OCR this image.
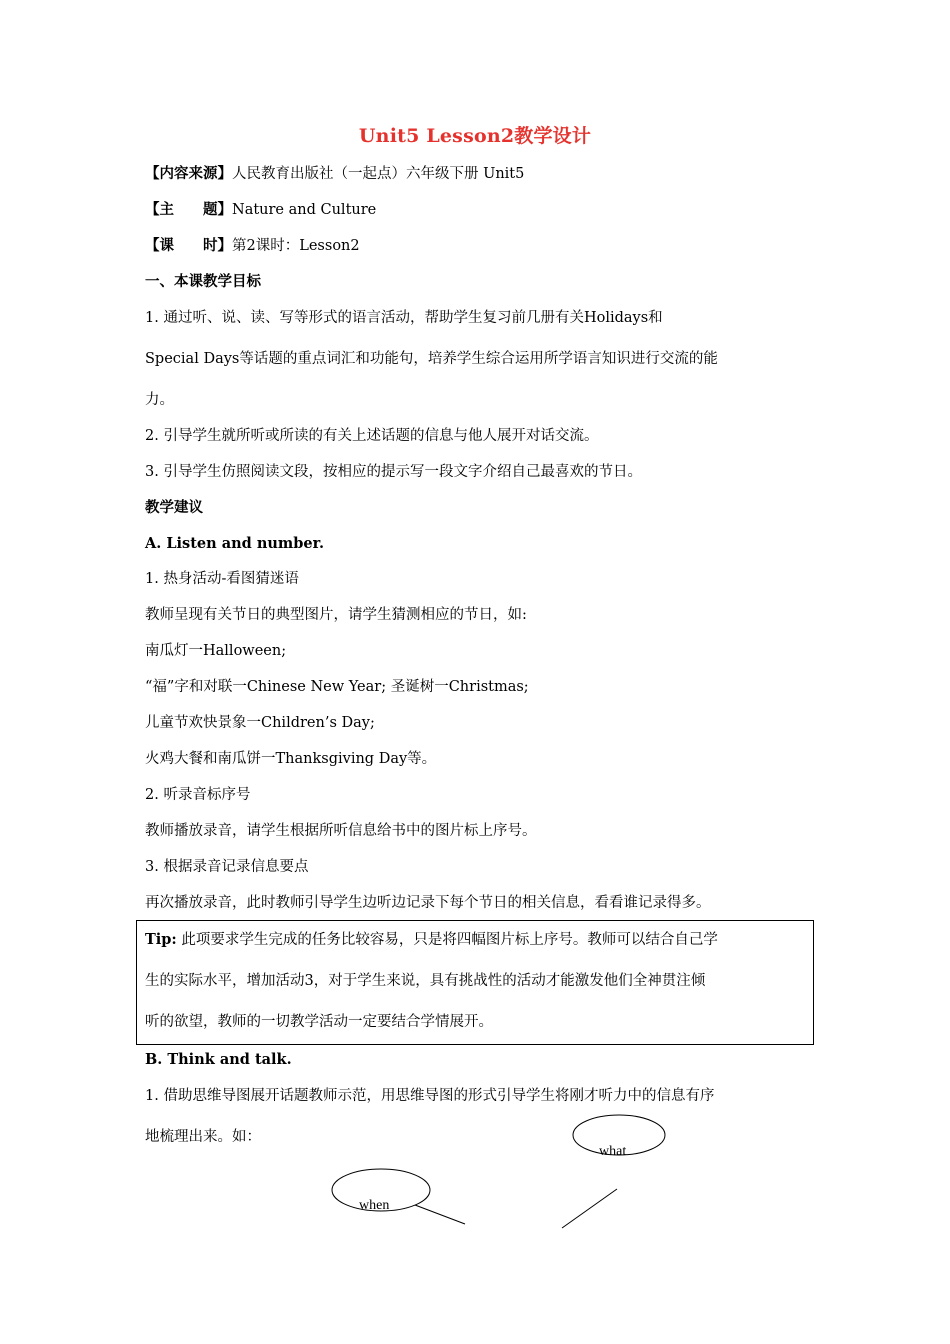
Unit5 Lesson2教学设计
【内容来源】人民教育出版社（一起点）六年级下册 Unit5
【主　　题】Nature and Culture
【课　　时】第2课时：Lesson2
一、本课教学目标
1. 通过听、说、读、写等形式的语言活动，帮助学生复习前几册有关Holidays和
Special Days等话题的重点词汇和功能句，培养学生综合运用所学语言知识进行交流的能
力。
2. 引导学生就所听或所读的有关上述话题的信息与他人展开对话交流。
3. 引导学生仿照阅读文段，按相应的提示写一段文字介绍自己最喜欢的节日。
教学建议
A. Listen and number.
1. 热身活动-看图猜迷语
教师呈现有关节日的典型图片，请学生猜测相应的节日，如:
南瓜灯一Halloween;
“福”字和对联一Chinese New Year; 圣诞树一Christmas;
儿童节欢快景象一Children’s Day;
火鸡大餐和南瓜饼一Thanksgiving Day等。
2. 听录音标序号
教师播放录音，请学生根据所听信息给书中的图片标上序号。
3. 根据录音记录信息要点
再次播放录音，此时教师引导学生边听边记录下每个节日的相关信息，看看谁记录得多。
Tip: 此项要求学生完成的任务比较容易，只是将四幅图片标上序号。教师可以结合自己学
生的实际水平，增加活动3，对于学生来说，具有挑战性的活动才能激发他们全神贯注倾
听的欲望，教师的一切教学活动一定要结合学情展开。
B. Think and talk.
1. 借助思维导图展开话题教师示范，用思维导图的形式引导学生将刚才听力中的信息有序
地梳理出来。如：
what
when
